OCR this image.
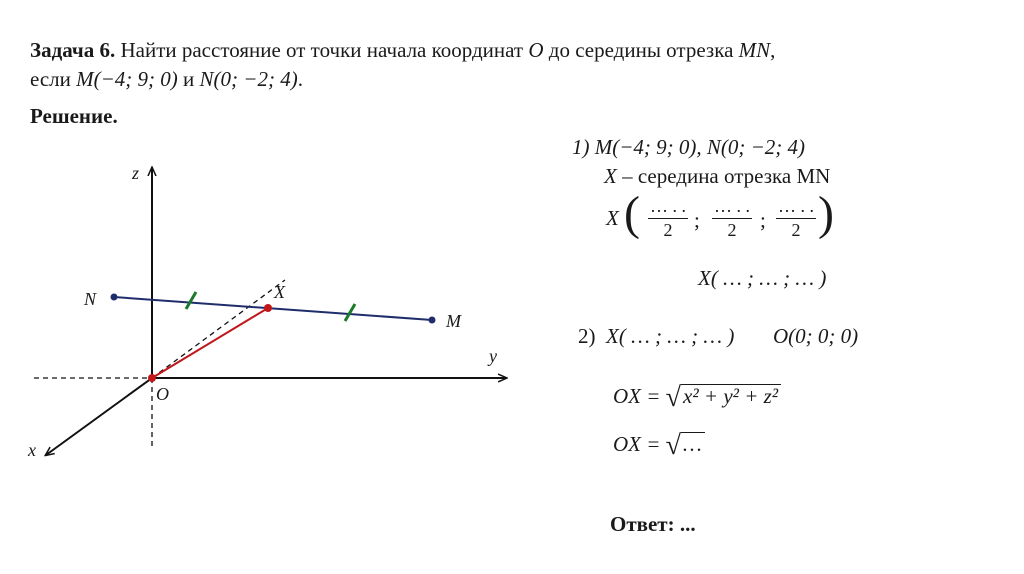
Задача 6. Найти расстояние от точки начала координат O до середины отрезка MN,
если M(−4; 9; 0) и N(0; −2; 4).
Решение.
z
y
x
O
N
M
X
1) M(−4; 9; 0), N(0; −2; 4)
X – середина отрезка MN
X ( … . .
2	;
… . .
2	;
… . .
2 )
X( … ; … ; … )
2) X( … ; … ; … ) O(0; 0; 0)
OX = √x² + y² + z²
OX = √…
Ответ: ...
